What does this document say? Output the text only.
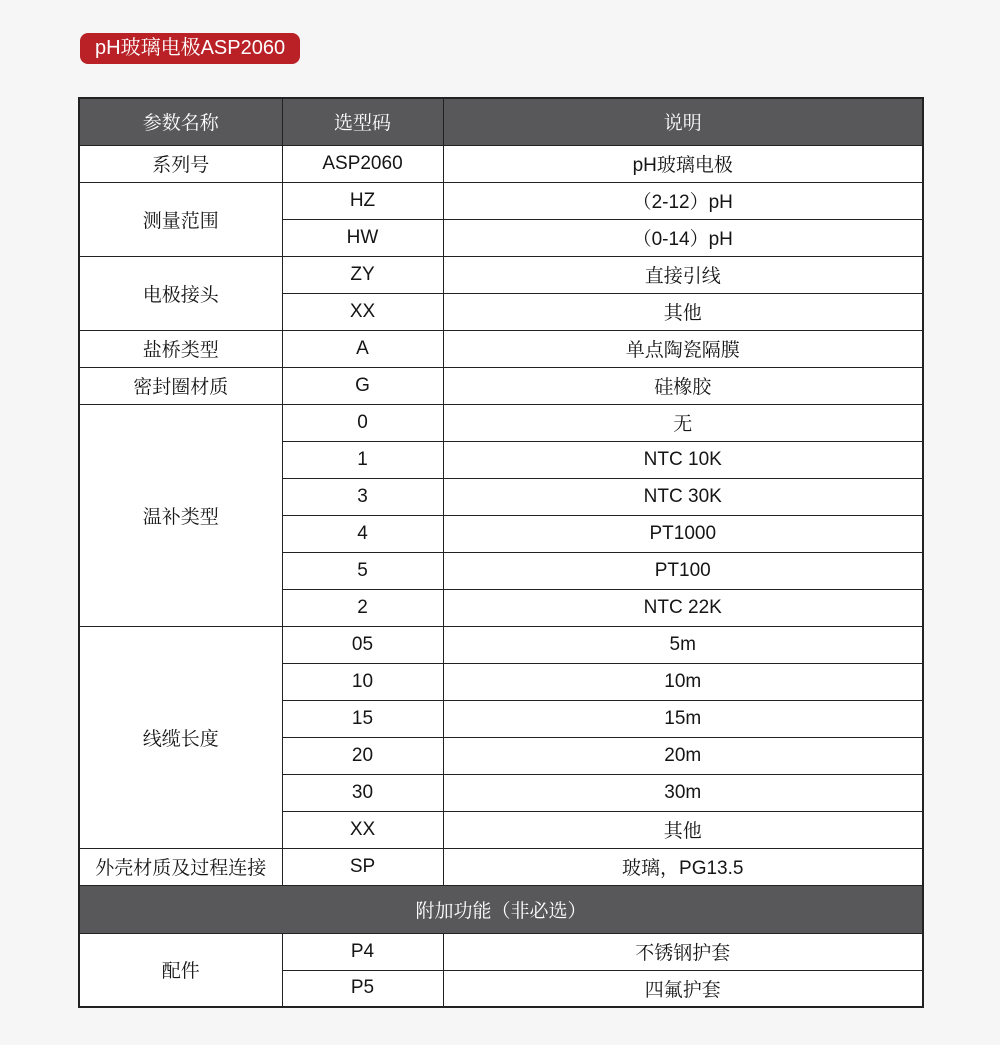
pH玻璃电极ASP2060
参数名称	选型码	说明
系列号	ASP2060	pH玻璃电极
测量范围	HZ	（2-12）pH
	HW	（0-14）pH
电极接头	ZY	直接引线
	XX	其他
盐桥类型	A	单点陶瓷隔膜
密封圈材质	G	硅橡胶
温补类型	0	无
	1	NTC 10K
	3	NTC 30K
	4	PT1000
	5	PT100
	2	NTC 22K
线缆长度	05	5m
	10	10m
	15	15m
	20	20m
	30	30m
	XX	其他
外壳材质及过程连接	SP	玻璃，PG13.5
附加功能（非必选）		
配件	P4	不锈钢护套
	P5	四氟护套
